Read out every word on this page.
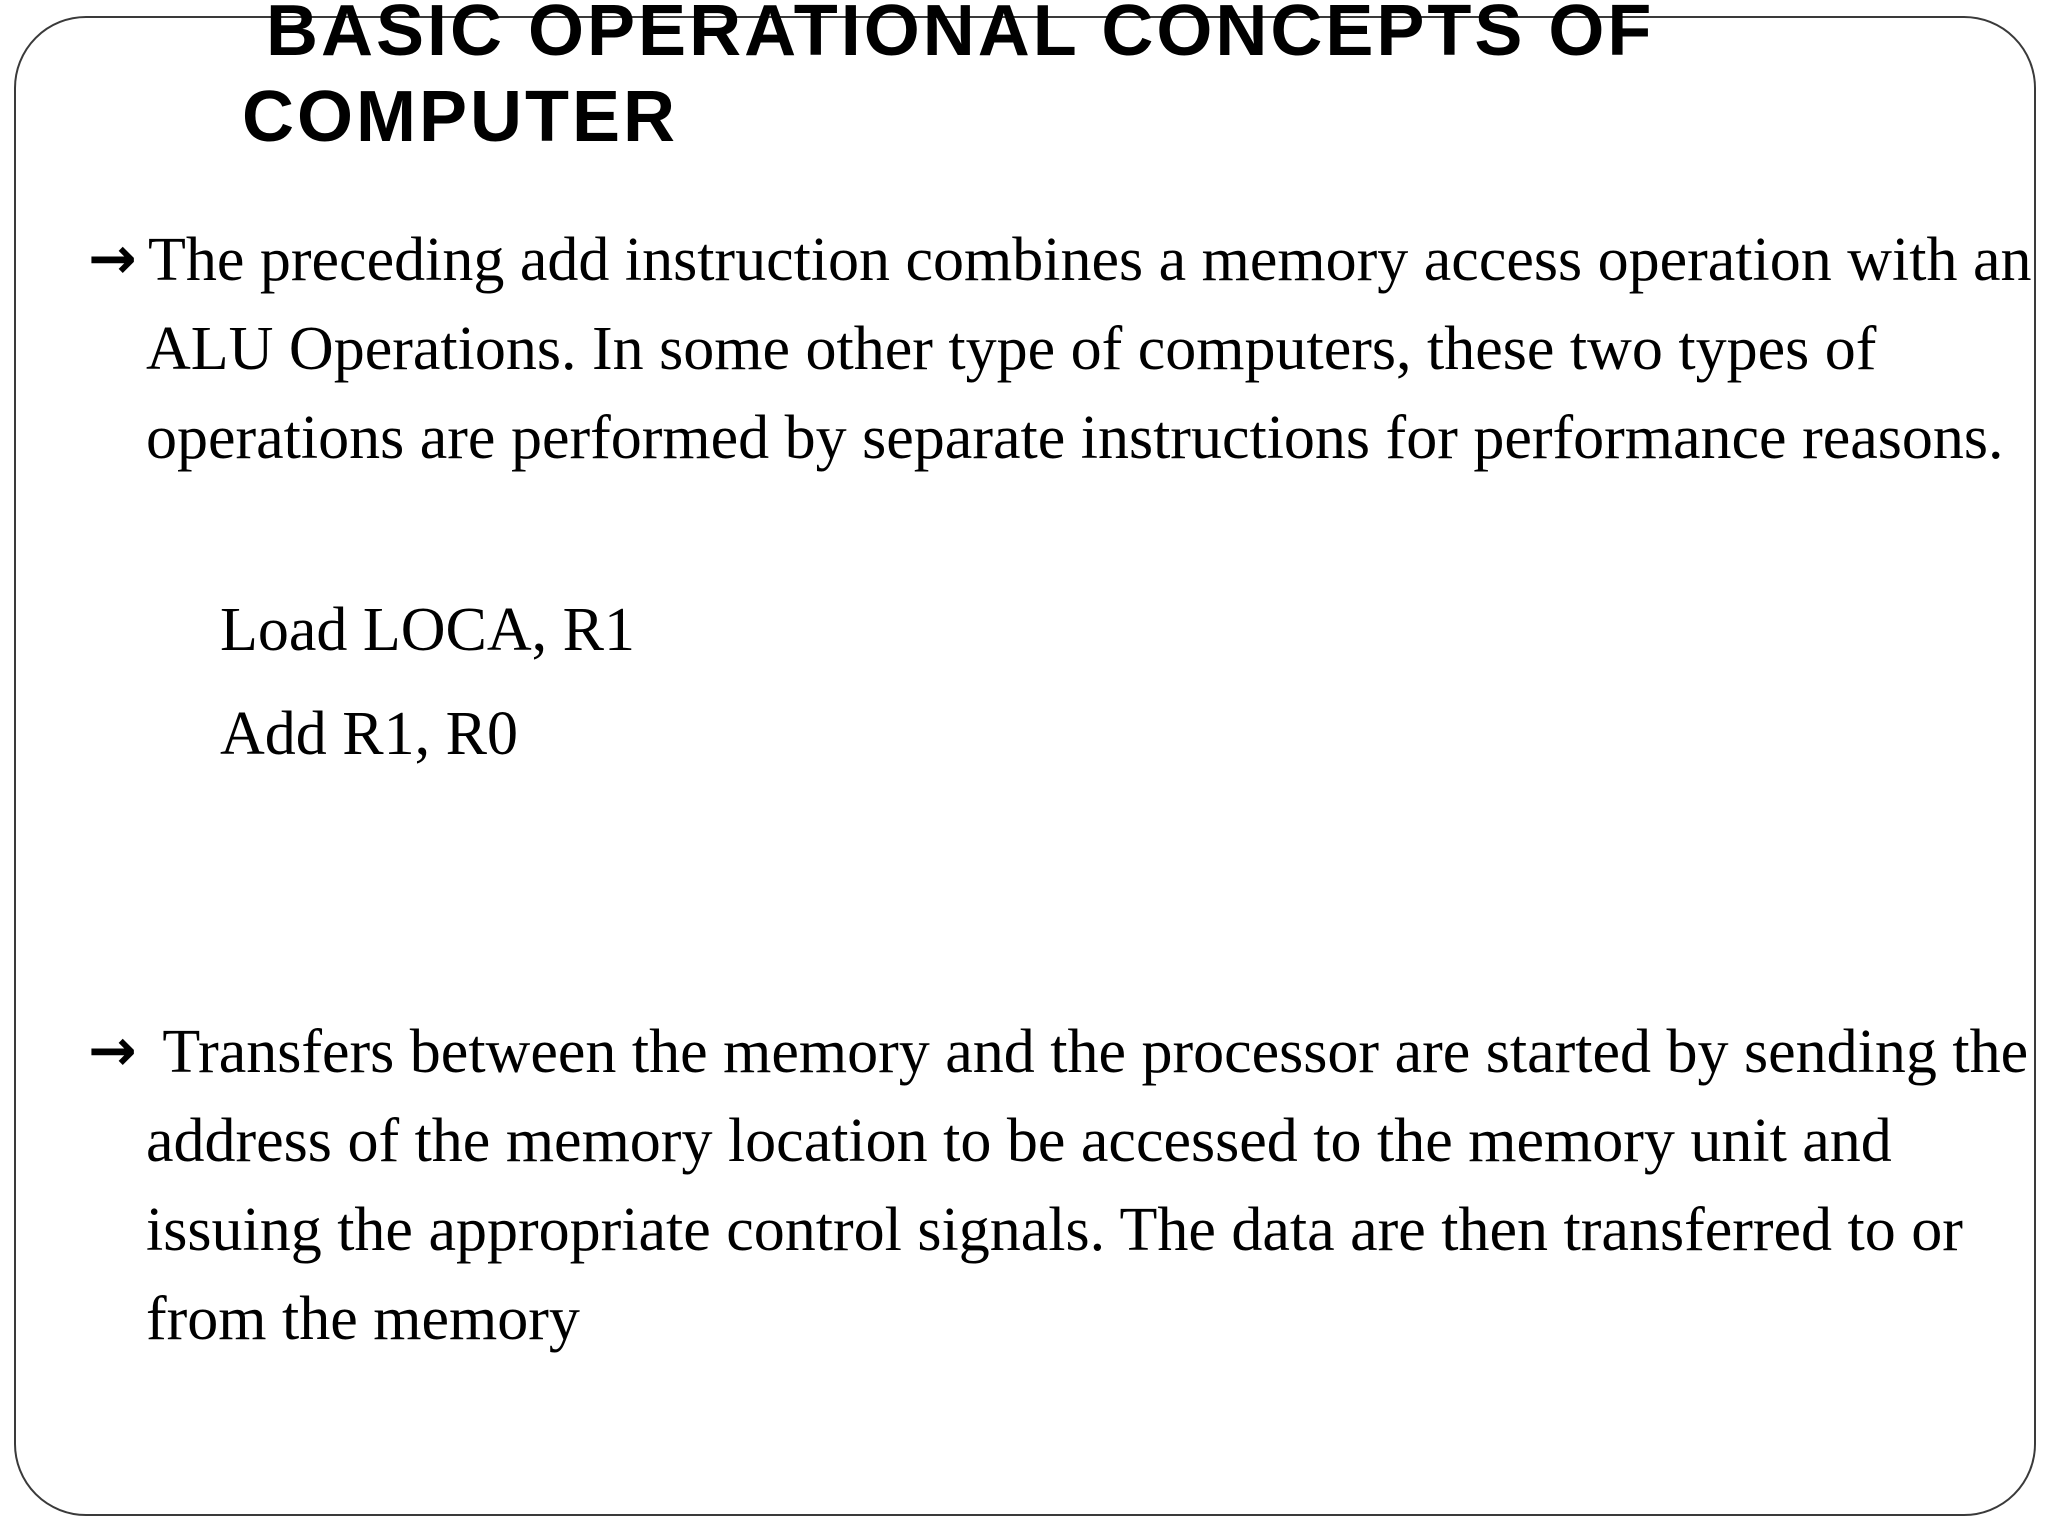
BASIC OPERATIONAL CONCEPTS OF
COMPUTER

→ The preceding add instruction combines a memory access operation with an ALU Operations. In some other type of computers, these two types of operations are performed by separate instructions for performance reasons.

Load LOCA, R1

Add R1, R0

→ Transfers between the memory and the processor are started by sending the address of the memory location to be accessed to the memory unit and issuing the appropriate control signals. The data are then transferred to or from the memory
